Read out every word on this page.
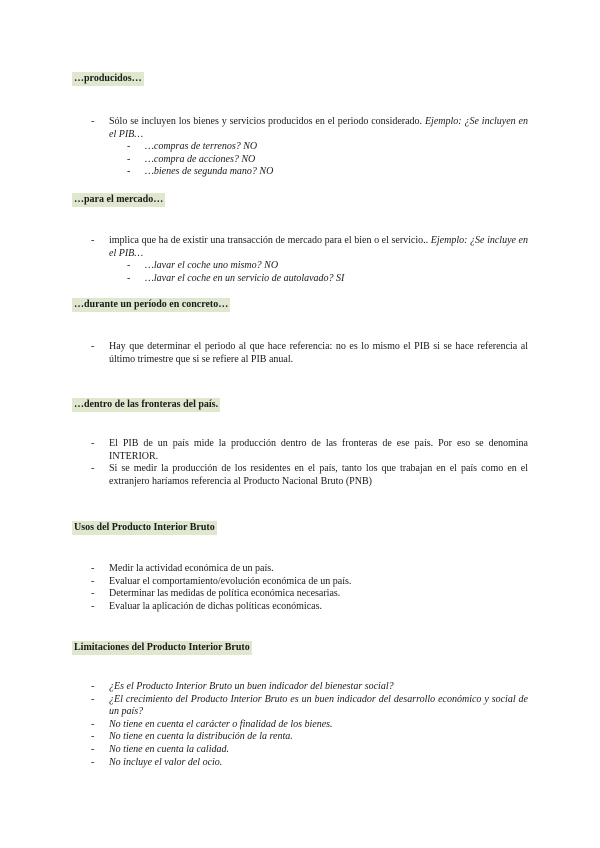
…producidos…
- Sólo se incluyen los bienes y servicios producidos en el periodo considerado. Ejemplo: ¿Se incluyen en el PIB…
- …compras de terrenos? NO
- …compra de acciones? NO
- …bienes de segunda mano? NO
…para el mercado…
- implica que ha de existir una transacción de mercado para el bien o el servicio.. Ejemplo: ¿Se incluye en el PIB…
- …lavar el coche uno mismo? NO
- …lavar el coche en un servicio de autolavado? SI
…durante un período en concreto…
- Hay que determinar el periodo al que hace referencia: no es lo mismo el PIB si se hace referencia al último trimestre que si se refiere al PIB anual.
…dentro de las fronteras del país.
- El PIB de un país mide la producción dentro de las fronteras de ese país. Por eso se denomina INTERIOR.
- Si se medir la producción de los residentes en el país, tanto los que trabajan en el país como en el extranjero haríamos referencia al Producto Nacional Bruto (PNB)
Usos del Producto Interior Bruto
- Medir la actividad económica de un país.
- Evaluar el comportamiento/evolución económica de un país.
- Determinar las medidas de política económica necesarias.
- Evaluar la aplicación de dichas políticas económicas.
Limitaciones del Producto Interior Bruto
- ¿Es el Producto Interior Bruto un buen indicador del bienestar social?
- ¿El crecimiento del Producto Interior Bruto es un buen indicador del desarrollo económico y social de un país?
- No tiene en cuenta el carácter o finalidad de los bienes.
- No tiene en cuenta la distribución de la renta.
- No tiene en cuenta la calidad.
- No incluye el valor del ocio.
